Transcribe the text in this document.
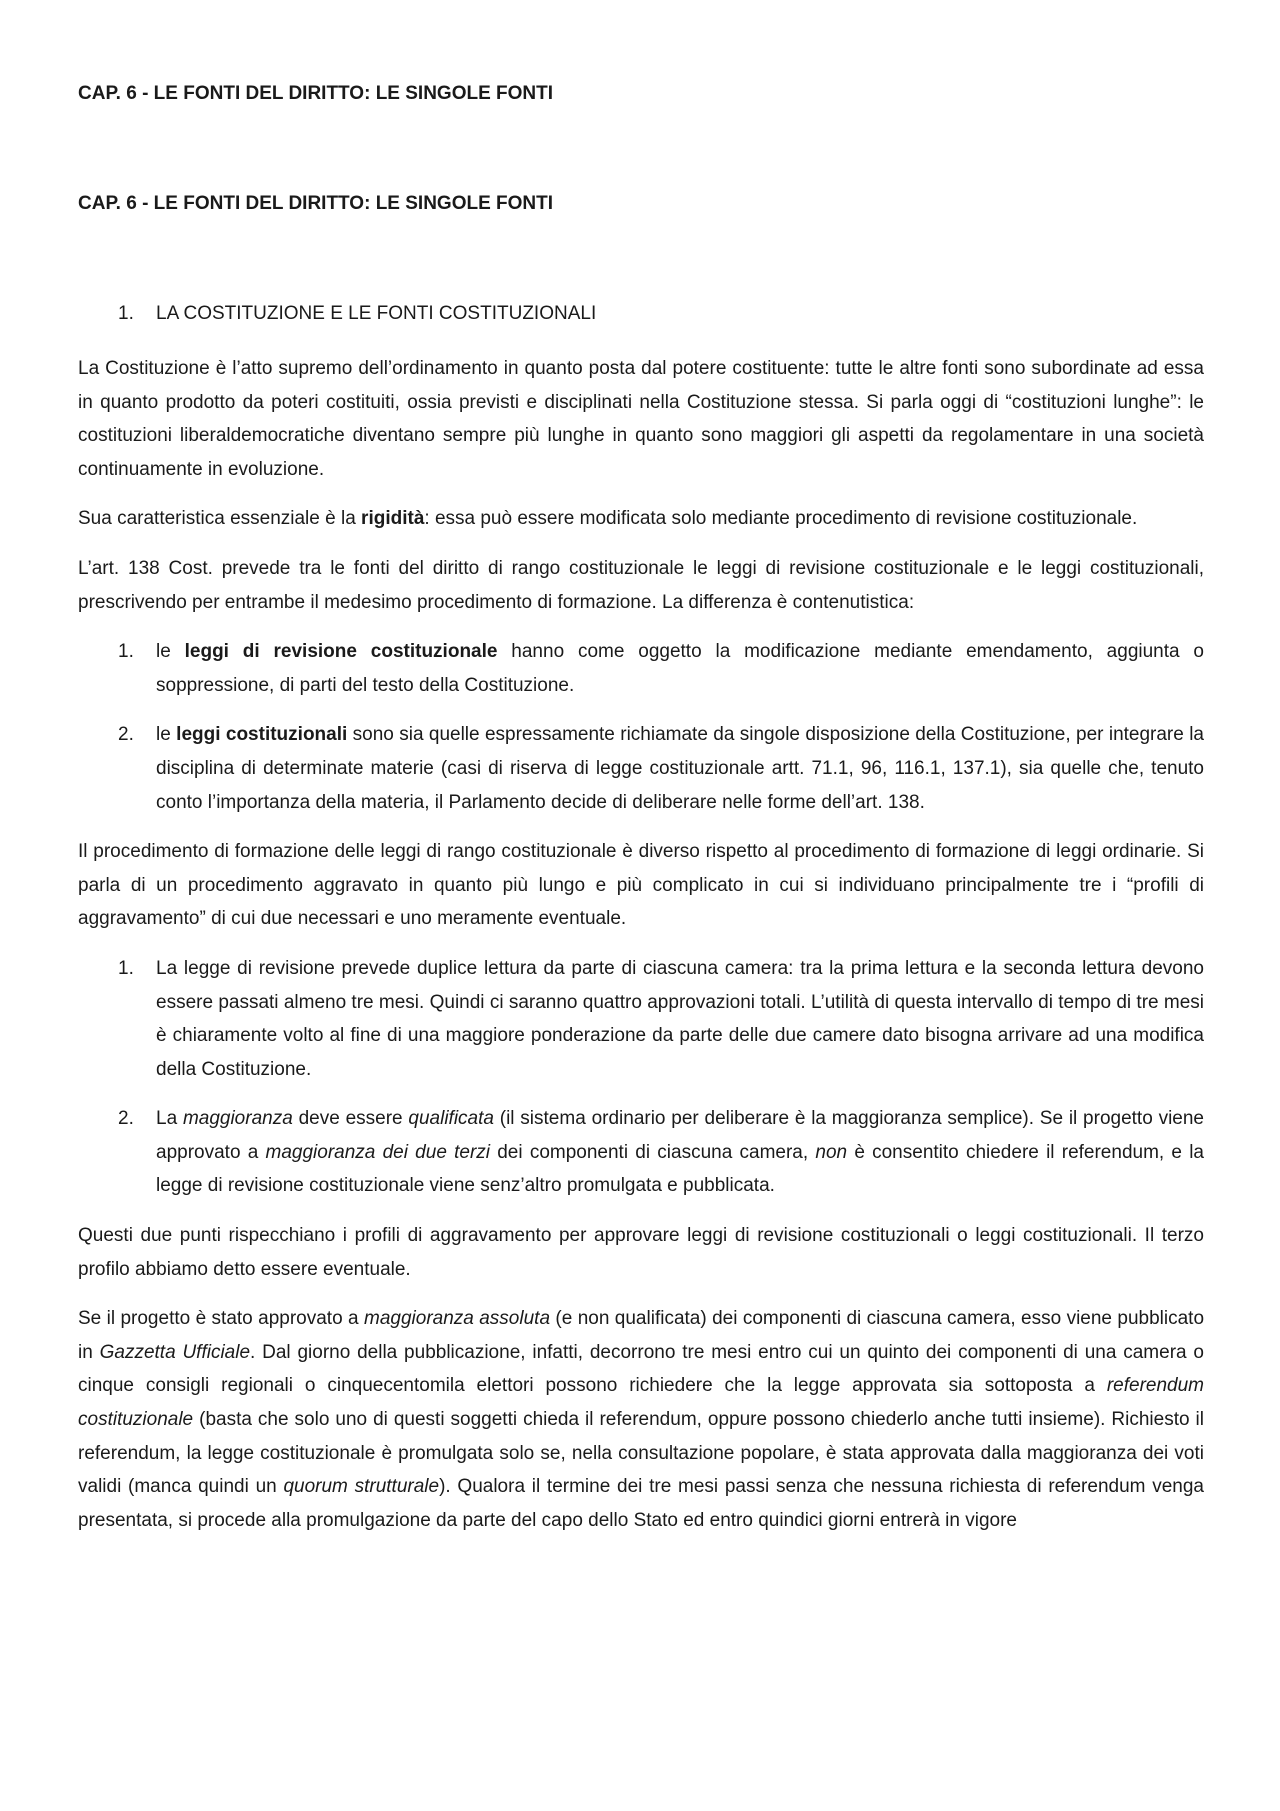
CAP. 6 - LE FONTI DEL DIRITTO: LE SINGOLE FONTI
CAP. 6 - LE FONTI DEL DIRITTO: LE SINGOLE FONTI
1. LA COSTITUZIONE E LE FONTI COSTITUZIONALI

La Costituzione è l’atto supremo dell’ordinamento in quanto posta dal potere costituente: tutte le altre fonti sono subordinate ad essa in quanto prodotto da poteri costituiti, ossia previsti e disciplinati nella Costituzione stessa. Si parla oggi di “costituzioni lunghe”: le costituzioni liberaldemocratiche diventano sempre più lunghe in quanto sono maggiori gli aspetti da regolamentare in una società continuamente in evoluzione.

Sua caratteristica essenziale è la rigidità: essa può essere modificata solo mediante procedimento di revisione costituzionale.

L’art. 138 Cost. prevede tra le fonti del diritto di rango costituzionale le leggi di revisione costituzionale e le leggi costituzionali, prescrivendo per entrambe il medesimo procedimento di formazione. La differenza è contenutistica:

1. le leggi di revisione costituzionale hanno come oggetto la modificazione mediante emendamento, aggiunta o soppressione, di parti del testo della Costituzione.
2. le leggi costituzionali sono sia quelle espressamente richiamate da singole disposizione della Costituzione, per integrare la disciplina di determinate materie (casi di riserva di legge costituzionale artt. 71.1, 96, 116.1, 137.1), sia quelle che, tenuto conto l’importanza della materia, il Parlamento decide di deliberare nelle forme dell’art. 138.

Il procedimento di formazione delle leggi di rango costituzionale è diverso rispetto al procedimento di formazione di leggi ordinarie. Si parla di un procedimento aggravato in quanto più lungo e più complicato in cui si individuano principalmente tre i “profili di aggravamento” di cui due necessari e uno meramente eventuale.

1. La legge di revisione prevede duplice lettura da parte di ciascuna camera: tra la prima lettura e la seconda lettura devono essere passati almeno tre mesi. Quindi ci saranno quattro approvazioni totali. L’utilità di questa intervallo di tempo di tre mesi è chiaramente volto al fine di una maggiore ponderazione da parte delle due camere dato bisogna arrivare ad una modifica della Costituzione.
2. La maggioranza deve essere qualificata (il sistema ordinario per deliberare è la maggioranza semplice). Se il progetto viene approvato a maggioranza dei due terzi dei componenti di ciascuna camera, non è consentito chiedere il referendum, e la legge di revisione costituzionale viene senz’altro promulgata e pubblicata.

Questi due punti rispecchiano i profili di aggravamento per approvare leggi di revisione costituzionali o leggi costituzionali. Il terzo profilo abbiamo detto essere eventuale.

Se il progetto è stato approvato a maggioranza assoluta (e non qualificata) dei componenti di ciascuna camera, esso viene pubblicato in Gazzetta Ufficiale. Dal giorno della pubblicazione, infatti, decorrono tre mesi entro cui un quinto dei componenti di una camera o cinque consigli regionali o cinquecentomila elettori possono richiedere che la legge approvata sia sottoposta a referendum costituzionale (basta che solo uno di questi soggetti chieda il referendum, oppure possono chiederlo anche tutti insieme). Richiesto il referendum, la legge costituzionale è promulgata solo se, nella consultazione popolare, è stata approvata dalla maggioranza dei voti validi (manca quindi un quorum strutturale). Qualora il termine dei tre mesi passi senza che nessuna richiesta di referendum venga presentata, si procede alla promulgazione da parte del capo dello Stato ed entro quindici giorni entrerà in vigore
